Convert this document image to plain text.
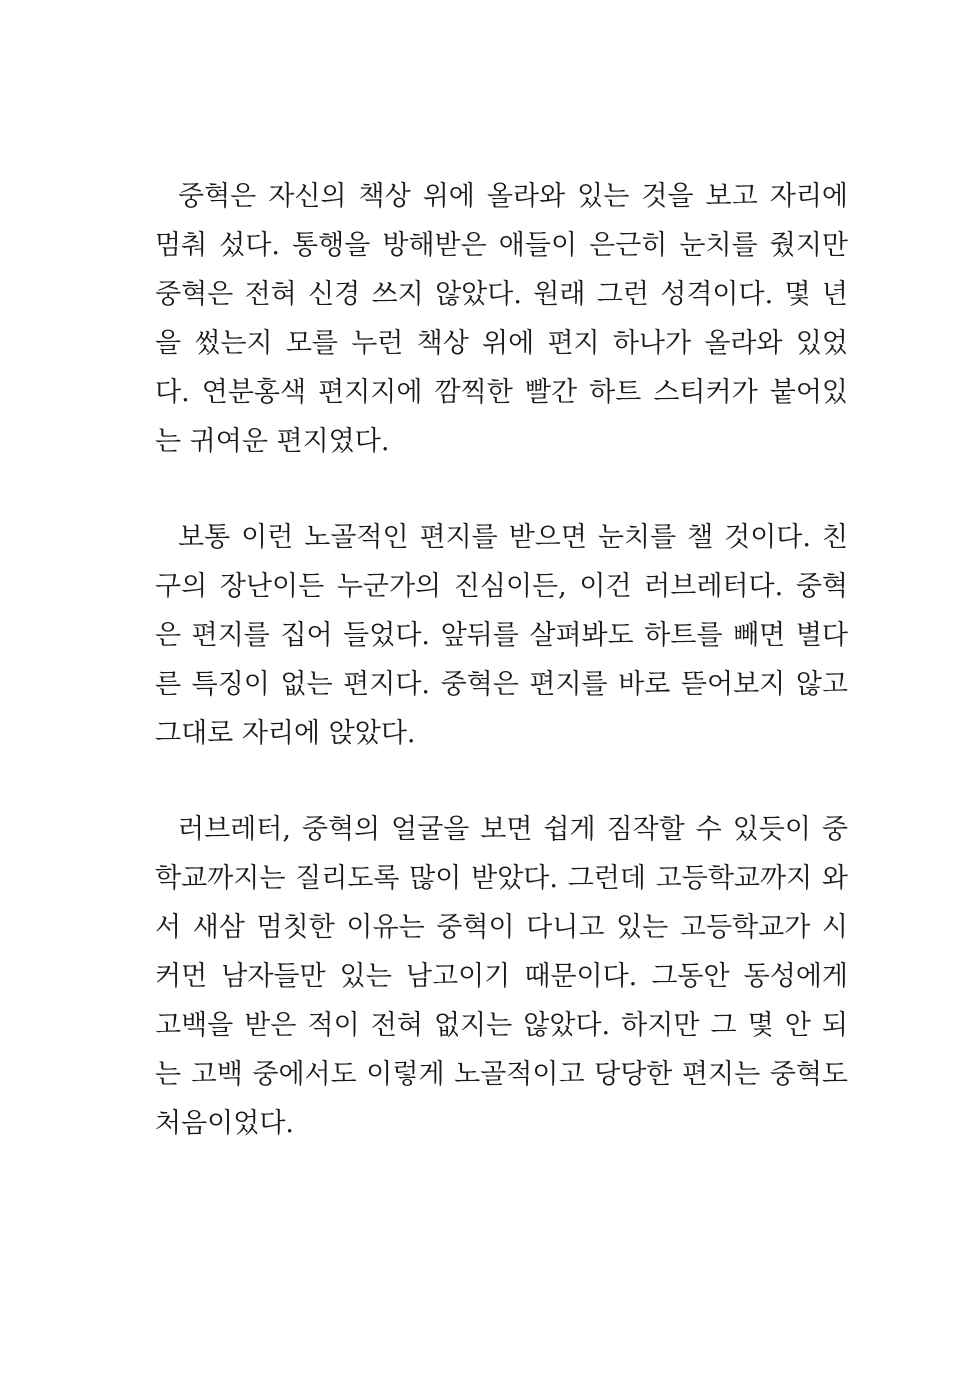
중혁은 자신의 책상 위에 올라와 있는 것을 보고 자리에
멈춰 섰다. 통행을 방해받은 애들이 은근히 눈치를 줬지만
중혁은 전혀 신경 쓰지 않았다. 원래 그런 성격이다. 몇 년
을 썼는지 모를 누런 책상 위에 편지 하나가 올라와 있었
다. 연분홍색 편지지에 깜찍한 빨간 하트 스티커가 붙어있
는 귀여운 편지였다.
보통 이런 노골적인 편지를 받으면 눈치를 챌 것이다. 친
구의 장난이든 누군가의 진심이든, 이건 러브레터다. 중혁
은 편지를 집어 들었다. 앞뒤를 살펴봐도 하트를 빼면 별다
른 특징이 없는 편지다. 중혁은 편지를 바로 뜯어보지 않고
그대로 자리에 앉았다.
러브레터, 중혁의 얼굴을 보면 쉽게 짐작할 수 있듯이 중
학교까지는 질리도록 많이 받았다. 그런데 고등학교까지 와
서 새삼 멈칫한 이유는 중혁이 다니고 있는 고등학교가 시
커먼 남자들만 있는 남고이기 때문이다. 그동안 동성에게
고백을 받은 적이 전혀 없지는 않았다. 하지만 그 몇 안 되
는 고백 중에서도 이렇게 노골적이고 당당한 편지는 중혁도
처음이었다.
